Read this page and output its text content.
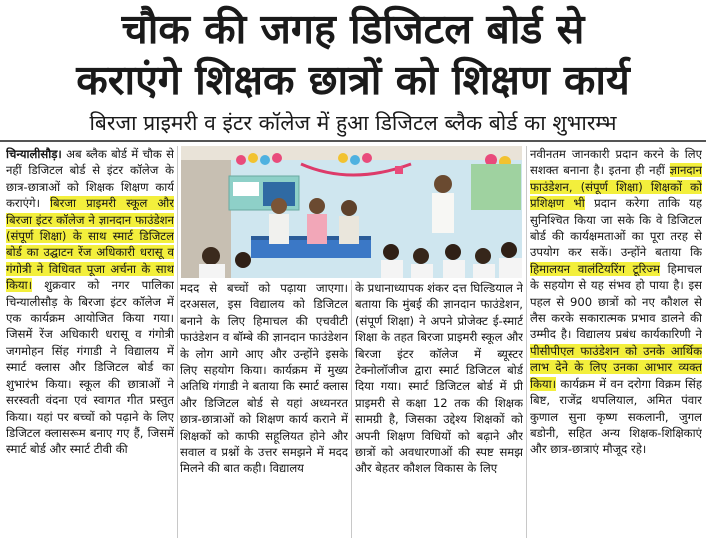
चौक की जगह डिजिटल बोर्ड से
कराएंगे शिक्षक छात्रों को शिक्षण कार्य
बिरजा प्राइमरी व इंटर कॉलेज में हुआ डिजिटल ब्लैक बोर्ड का शुभारम्भ

चिन्यालीसौड़। अब ब्लैक बोर्ड में चौक से नहीं डिजिटल बोर्ड से इंटर कॉलेज के छात्र-छात्राओं को शिक्षक शिक्षण कार्य कराएंगे। बिरजा प्राइमरी स्कूल और बिरजा इंटर कॉलेज ने ज्ञानदान फाउंडेशन (संपूर्ण शिक्षा) के साथ स्मार्ट डिजिटल बोर्ड का उद्घाटन रेंज अधिकारी धरासू व गंगोत्री ने विधिवत पूजा अर्चना के साथ किया। शुक्रवार को नगर पालिका चिन्यालीसौड़ के बिरजा इंटर कॉलेज में एक कार्यक्रम आयोजित किया गया। जिसमें रेंज अधिकारी धरासू व गंगोत्री जगमोहन सिंह गंगाडी ने विद्यालय में स्मार्ट क्लास और डिजिटल बोर्ड का शुभारंभ किया। स्कूल की छात्राओं ने सरस्वती वंदना एवं स्वागत गीत प्रस्तुत किया। यहां पर बच्चों को पढ़ाने के लिए डिजिटल क्लासरूम बनाए गए हैं, जिसमें स्मार्ट बोर्ड और स्मार्ट टीवी की

मदद से बच्चों को पढ़ाया जाएगा। दरअसल, इस विद्यालय को डिजिटल बनाने के लिए हिमाचल की एचवीटी फाउंडेशन व बॉम्बे की ज्ञानदान फाउंडेशन के लोग आगे आए और उन्होंने इसके लिए सहयोग किया। कार्यक्रम में मुख्य अतिथि गंगाडी ने बताया कि स्मार्ट क्लास और डिजिटल बोर्ड से यहां अध्यनरत छात्र-छात्राओं को शिक्षण कार्य कराने में शिक्षकों को काफी सहूलियत होने और सवाल व प्रश्नों के उत्तर समझने में मदद मिलने की बात कही। विद्यालय

के प्रधानाध्यापक शंकर दत्त घिल्डियाल ने बताया कि मुंबई की ज्ञानदान फाउंडेशन, (संपूर्ण शिक्षा) ने अपने प्रोजेक्ट ई-स्मार्ट शिक्षा के तहत बिरजा प्राइमरी स्कूल और बिरजा इंटर कॉलेज में ब्यूस्टर टेक्नोलॉजीज द्वारा स्मार्ट डिजिटल बोर्ड दिया गया। स्मार्ट डिजिटल बोर्ड में प्री प्राइमरी से कक्षा 12 तक की शिक्षक सामग्री है, जिसका उद्देश्य शिक्षकों को अपनी शिक्षण विधियों को बढ़ाने और छात्रों को अवधारणाओं की स्पष्ट समझ और बेहतर कौशल विकास के लिए

नवीनतम जानकारी प्रदान करने के लिए सशक्त बनाना है। इतना ही नहीं ज्ञानदान फाउंडेशन, (संपूर्ण शिक्षा) शिक्षकों को प्रशिक्षण भी प्रदान करेगा ताकि यह सुनिश्चित किया जा सके कि वे डिजिटल बोर्ड की कार्यक्षमताओं का पूरा तरह से उपयोग कर सकें। उन्होंने बताया कि हिमालयन वालंटियरिंग टूरिज्म हिमाचल के सहयोग से यह संभव हो पाया है। इस पहल से 900 छात्रों को नए कौशल से लैस करके सकारात्मक प्रभाव डालने की उम्मीद है। विद्यालय प्रबंध कार्यकारिणी ने पीसीपीएल फाउंडेशन को उनके आर्थिक लाभ देने के लिए उनका आभार व्यक्त किया। कार्यक्रम में वन दरोगा विक्रम सिंह बिष्ट, राजेंद्र थपलियाल, अमित पंवार कुणाल सुना कृष्ण सकलानी, जुगल बडोनी, सहित अन्य शिक्षक-शिक्षिकाएं और छात्र-छात्राएं मौजूद रहे।
